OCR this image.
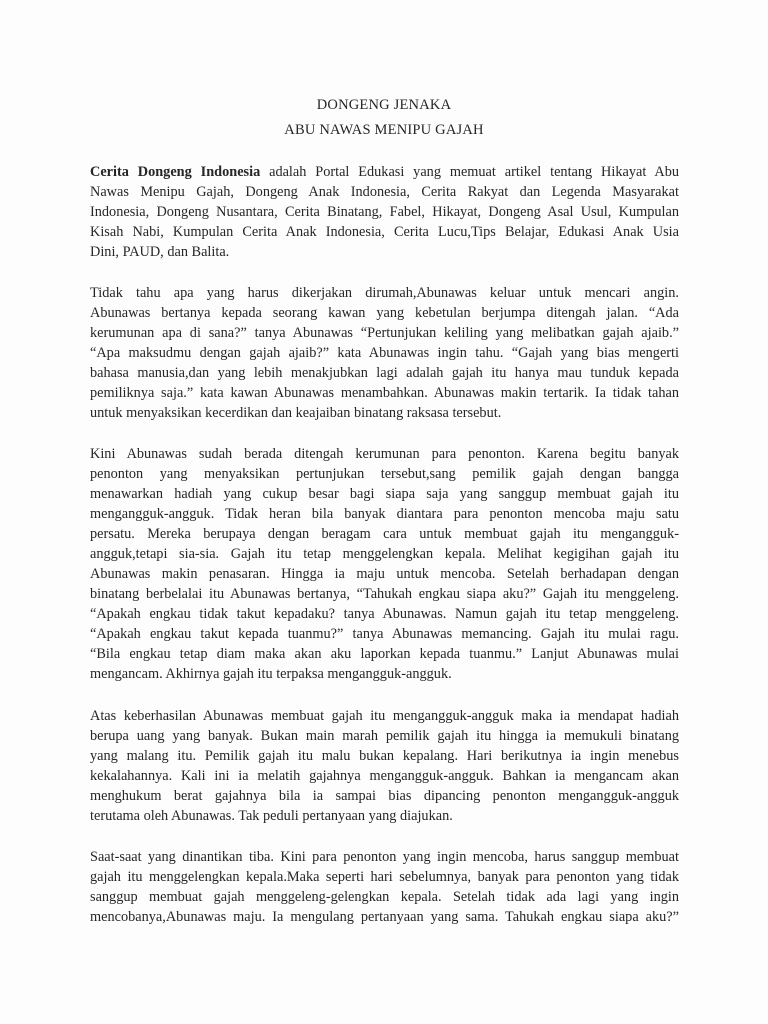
DONGENG JENAKA
ABU NAWAS MENIPU GAJAH
Cerita Dongeng Indonesia adalah Portal Edukasi yang memuat artikel tentang Hikayat Abu
Nawas Menipu Gajah, Dongeng Anak Indonesia, Cerita Rakyat dan Legenda Masyarakat
Indonesia, Dongeng Nusantara, Cerita Binatang, Fabel, Hikayat, Dongeng Asal Usul, Kumpulan
Kisah Nabi, Kumpulan Cerita Anak Indonesia, Cerita Lucu,Tips Belajar, Edukasi Anak Usia
Dini, PAUD, dan Balita.
Tidak tahu apa yang harus dikerjakan dirumah,Abunawas keluar untuk mencari angin.
Abunawas bertanya kepada seorang kawan yang kebetulan berjumpa ditengah jalan. “Ada
kerumunan apa di sana?” tanya Abunawas “Pertunjukan keliling yang melibatkan gajah ajaib.”
“Apa maksudmu dengan gajah ajaib?” kata Abunawas ingin tahu. “Gajah yang bias mengerti
bahasa manusia,dan yang lebih menakjubkan lagi adalah gajah itu hanya mau tunduk kepada
pemiliknya saja.” kata kawan Abunawas menambahkan. Abunawas makin tertarik. Ia tidak tahan
untuk menyaksikan kecerdikan dan keajaiban binatang raksasa tersebut.
Kini Abunawas sudah berada ditengah kerumunan para penonton. Karena begitu banyak
penonton yang menyaksikan pertunjukan tersebut,sang pemilik gajah dengan bangga
menawarkan hadiah yang cukup besar bagi siapa saja yang sanggup membuat gajah itu
mengangguk-angguk. Tidak heran bila banyak diantara para penonton mencoba maju satu
persatu. Mereka berupaya dengan beragam cara untuk membuat gajah itu mengangguk-
angguk,tetapi sia-sia. Gajah itu tetap menggelengkan kepala. Melihat kegigihan gajah itu
Abunawas makin penasaran. Hingga ia maju untuk mencoba. Setelah berhadapan dengan
binatang berbelalai itu Abunawas bertanya, “Tahukah engkau siapa aku?” Gajah itu menggeleng.
“Apakah engkau tidak takut kepadaku? tanya Abunawas. Namun gajah itu tetap menggeleng.
“Apakah engkau takut kepada tuanmu?” tanya Abunawas memancing. Gajah itu mulai ragu.
“Bila engkau tetap diam maka akan aku laporkan kepada tuanmu.” Lanjut Abunawas mulai
mengancam. Akhirnya gajah itu terpaksa mengangguk-angguk.
Atas keberhasilan Abunawas membuat gajah itu mengangguk-angguk maka ia mendapat hadiah
berupa uang yang banyak. Bukan main marah pemilik gajah itu hingga ia memukuli binatang
yang malang itu. Pemilik gajah itu malu bukan kepalang. Hari berikutnya ia ingin menebus
kekalahannya. Kali ini ia melatih gajahnya mengangguk-angguk. Bahkan ia mengancam akan
menghukum berat gajahnya bila ia sampai bias dipancing penonton mengangguk-angguk
terutama oleh Abunawas. Tak peduli pertanyaan yang diajukan.
Saat-saat yang dinantikan tiba. Kini para penonton yang ingin mencoba, harus sanggup membuat
gajah itu menggelengkan kepala.Maka seperti hari sebelumnya, banyak para penonton yang tidak
sanggup membuat gajah menggeleng-gelengkan kepala. Setelah tidak ada lagi yang ingin
mencobanya,Abunawas maju. Ia mengulang pertanyaan yang sama. Tahukah engkau siapa aku?”
